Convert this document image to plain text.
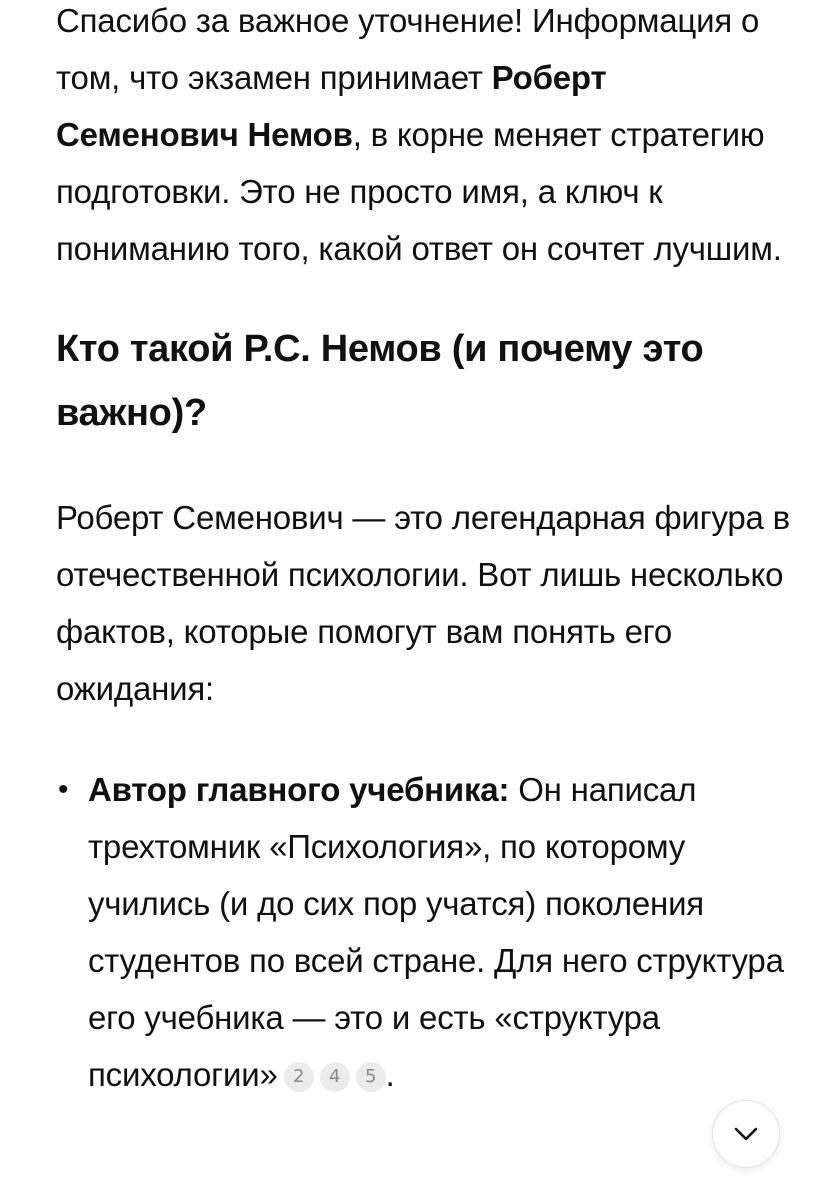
Спасибо за важное уточнение! Информация о том, что экзамен принимает Роберт Семенович Немов, в корне меняет стратегию подготовки. Это не просто имя, а ключ к пониманию того, какой ответ он сочтет лучшим.

Кто такой Р.С. Немов (и почему это важно)?

Роберт Семенович — это легендарная фигура в отечественной психологии. Вот лишь несколько фактов, которые помогут вам понять его ожидания:

• Автор главного учебника: Он написал трехтомник «Психология», по которому учились (и до сих пор учатся) поколения студентов по всей стране. Для него структура его учебника — это и есть «структура психологии» 2 4 5 .
